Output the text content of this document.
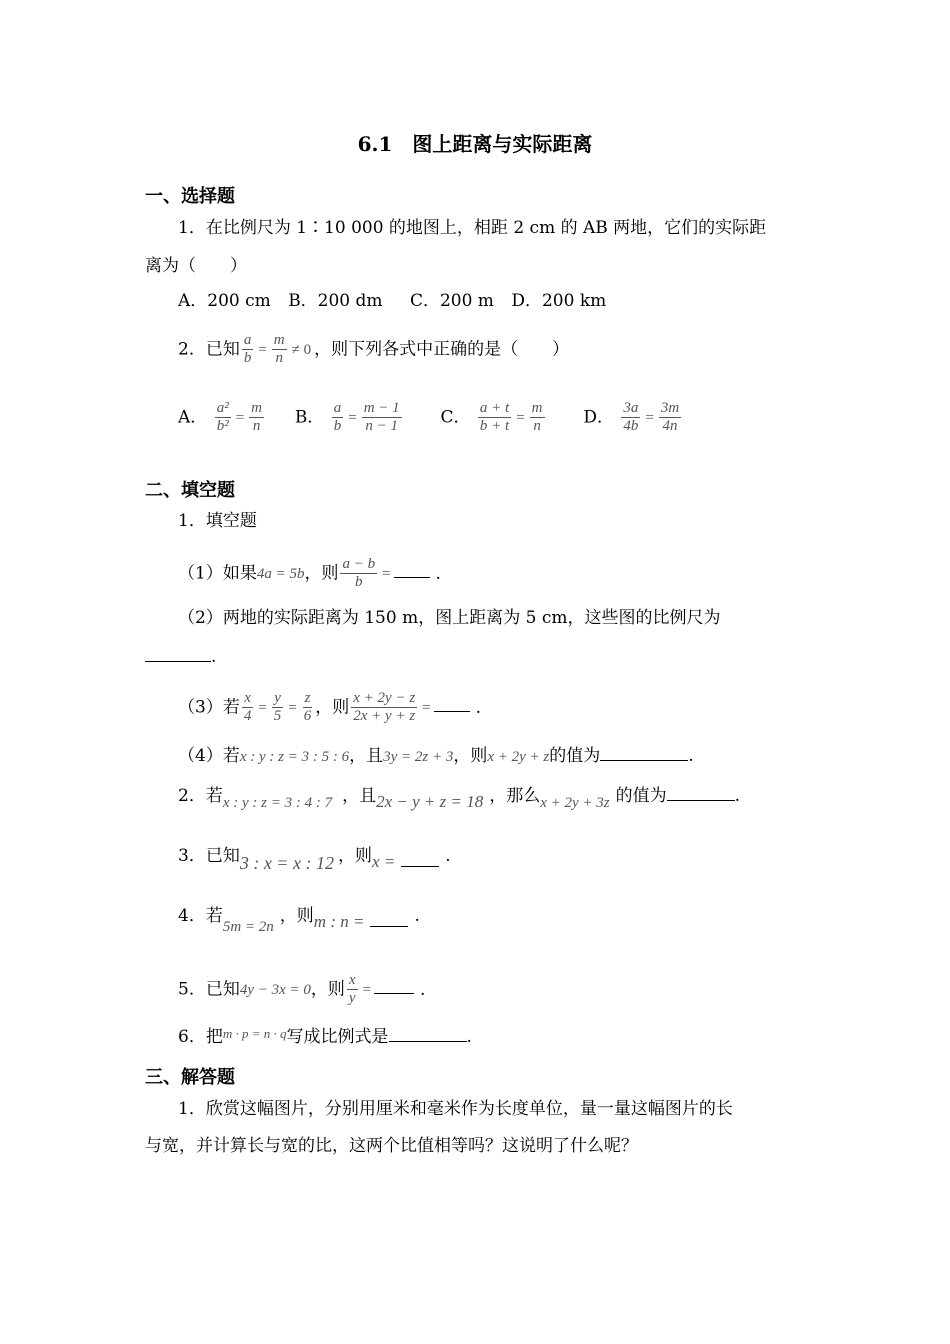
6.1　图上距离与实际距离
一、选择题
1．在比例尺为 1∶10 000 的地图上，相距 2 cm 的 AB 两地，它们的实际距
离为（　　）
A．200 cm B．200 dm C．200 m D．200 km
2．已知 $\frac{a}{b} = \frac{m}{n} \ne 0$ ，则下列各式中正确的是（　　）
A． $\frac{\text{a²}}{\text{b²}} = \frac{m}{n}$ B． $\frac{a}{b} = \frac{m - 1}{n - 1}$ C． $\frac{a + t}{b + t} = \frac{m}{n}$ D． $\frac{3a}{4b} = \frac{3m}{4n}$
二、填空题
1．填空题
（1）如果4a = 5b，则 $\frac{a - b}{b}$ =	.
（2）两地的实际距离为 150 m，图上距离为 5 cm，这些图的比例尺为
.
（3）若 $\frac{x}{4} = \frac{y}{5} = \frac{z}{6}$ ，则 $\frac{x + 2y - z}{2x + y + z}$ =	.
（4）若x : y : z = 3 : 5 : 6，且3y = 2z + 3，则x + 2y + z的值为	.
2．若x : y : z = 3 : 4 : 7 ，且2x − y + z = 18 ，那么x + 2y + 3z 的值为	.
3．已知3 : x = x : 12 ，则x =	.
4．若5m = 2n，则m : n =	.
5．已知4y − 3x = 0，则 $\frac{x}{y}$ =	.
6．把$^{m \cdot p = n \cdot q}$写成比例式是	.
三、解答题
1．欣赏这幅图片，分别用厘米和毫米作为长度单位，量一量这幅图片的长
与宽，并计算长与宽的比，这两个比值相等吗？这说明了什么呢？
